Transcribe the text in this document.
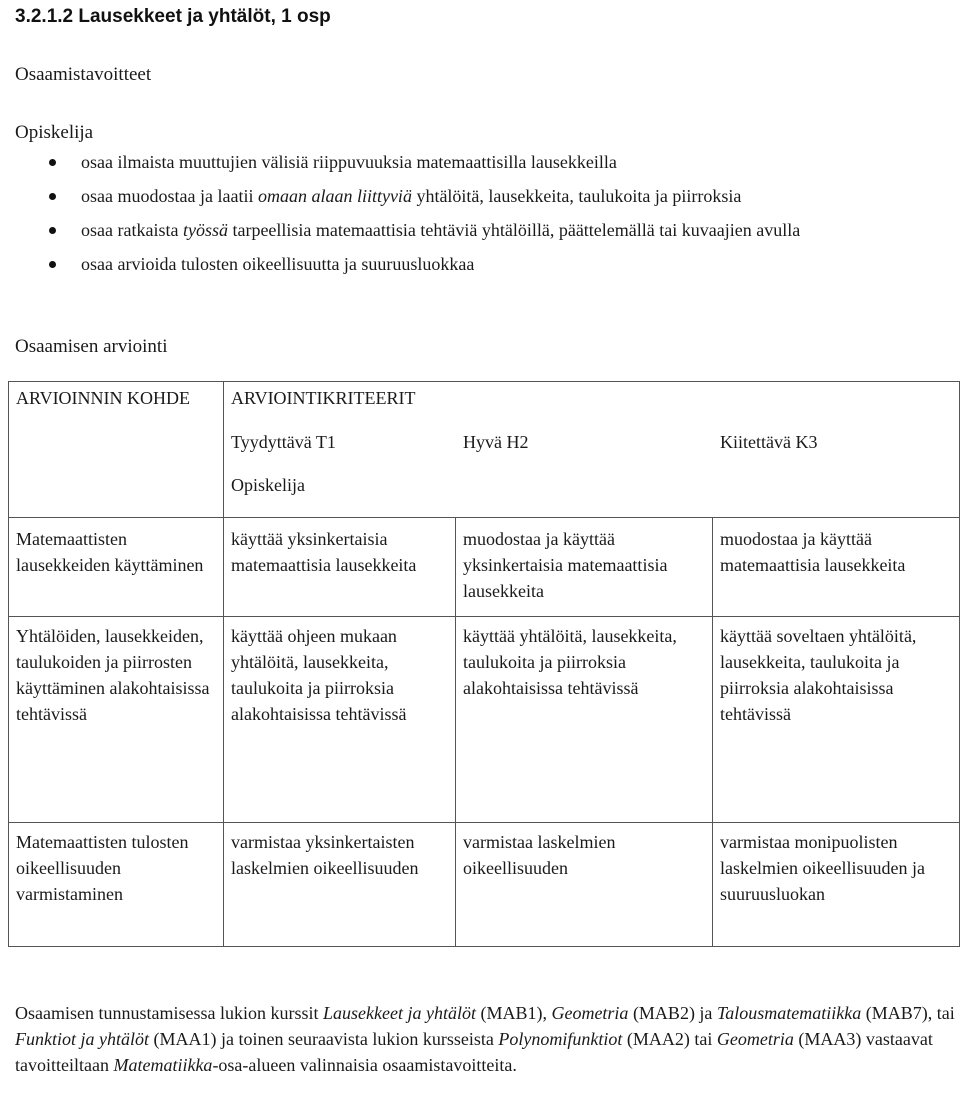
3.2.1.2 Lausekkeet ja yhtälöt, 1 osp
Osaamistavoitteet
Opiskelija
osaa ilmaista muuttujien välisiä riippuvuuksia matemaattisilla lausekkeilla
osaa muodostaa ja laatii omaan alaan liittyviä yhtälöitä, lausekkeita, taulukoita ja piirroksia
osaa ratkaista työssä tarpeellisia matemaattisia tehtäviä yhtälöillä, päättelemällä tai kuvaajien avulla
osaa arvioida tulosten oikeellisuutta ja suuruusluokkaa
Osaamisen arviointi
ARVIOINNIN KOHDE	ARVIOINTIKRITEERIT
Tyydyttävä T1 Hyvä H2 Kiitettävä K3
Opiskelija		

Matemaattisten lausekkeiden käyttäminen	käyttää yksinkertaisia matemaattisia lausekkeita	muodostaa ja käyttää yksinkertaisia matemaattisia lausekkeita	muodostaa ja käyttää matemaattisia lausekkeita
Yhtälöiden, lausekkeiden, taulukoiden ja piirrosten käyttäminen alakohtaisissa tehtävissä	käyttää ohjeen mukaan yhtälöitä, lausekkeita, taulukoita ja piirroksia alakohtaisissa tehtävissä	käyttää yhtälöitä, lausekkeita, taulukoita ja piirroksia alakohtaisissa tehtävissä	käyttää soveltaen yhtälöitä, lausekkeita, taulukoita ja piirroksia alakohtaisissa tehtävissä
Matemaattisten tulosten oikeellisuuden varmistaminen	varmistaa yksinkertaisten laskelmien oikeellisuuden	varmistaa laskelmien oikeellisuuden	varmistaa monipuolisten laskelmien oikeellisuuden ja suuruusluokan
Osaamisen tunnustamisessa lukion kurssit Lausekkeet ja yhtälöt (MAB1), Geometria (MAB2) ja Talousmatematiikka (MAB7), tai Funktiot ja yhtälöt (MAA1) ja toinen seuraavista lukion kursseista Polynomifunktiot (MAA2) tai Geometria (MAA3) vastaavat tavoitteiltaan Matematiikka-osa-alueen valinnaisia osaamistavoitteita.
